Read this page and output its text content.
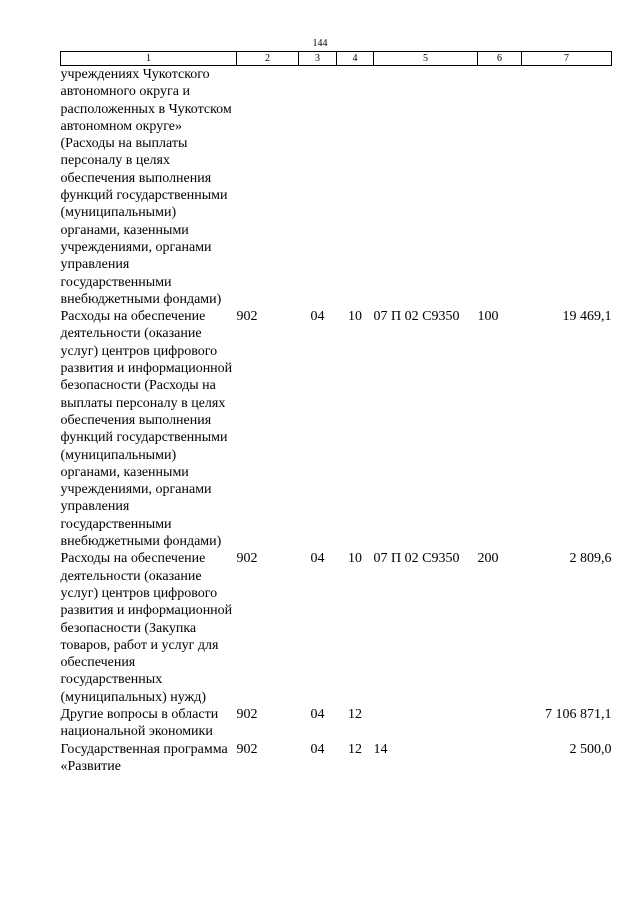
144
1	2	3	4	5	6	7
учреждениях Чукотского автономного округа и расположенных в Чукотском автономном округе» (Расходы на выплаты персоналу в целях обеспечения выполнения функций государственными (муниципальными) органами, казенными учреждениями, органами управления государственными внебюджетными фондами)						
Расходы на обеспечение деятельности (оказание услуг) центров цифрового развития и информационной безопасности (Расходы на выплаты персоналу в целях обеспечения выполнения функций государственными (муниципальными) органами, казенными учреждениями, органами управления государственными внебюджетными фондами)	902	04	10	07 П 02 С9350	100	19 469,1
Расходы на обеспечение деятельности (оказание услуг) центров цифрового развития и информационной безопасности (Закупка товаров, работ и услуг для обеспечения государственных (муниципальных) нужд)	902	04	10	07 П 02 С9350	200	2 809,6
Другие вопросы в области национальной экономики	902	04	12			7 106 871,1
Государственная программа «Развитие	902	04	12	14		2 500,0
